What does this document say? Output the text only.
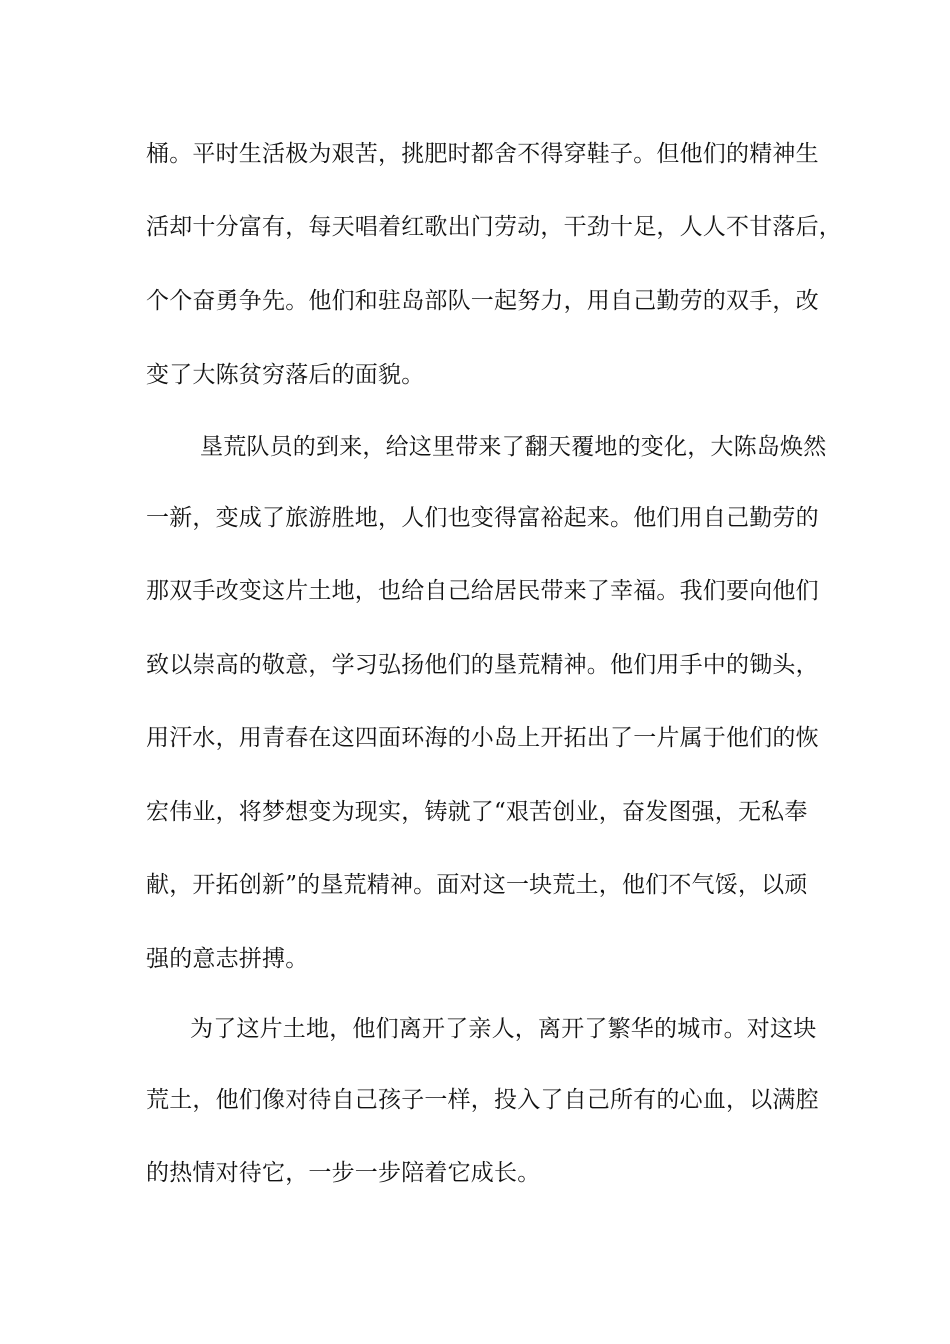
桶。平时生活极为艰苦，挑肥时都舍不得穿鞋子。但他们的精神生
活却十分富有，每天唱着红歌出门劳动，干劲十足，人人不甘落后，
个个奋勇争先。他们和驻岛部队一起努力，用自己勤劳的双手，改
变了大陈贫穷落后的面貌。
垦荒队员的到来，给这里带来了翻天覆地的变化，大陈岛焕然
一新，变成了旅游胜地，人们也变得富裕起来。他们用自己勤劳的
那双手改变这片土地，也给自己给居民带来了幸福。我们要向他们
致以崇高的敬意，学习弘扬他们的垦荒精神。他们用手中的锄头，
用汗水，用青春在这四面环海的小岛上开拓出了一片属于他们的恢
宏伟业，将梦想变为现实，铸就了“艰苦创业，奋发图强，无私奉
献，开拓创新”的垦荒精神。面对这一块荒土，他们不气馁，以顽
强的意志拼搏。
为了这片土地，他们离开了亲人，离开了繁华的城市。对这块
荒土，他们像对待自己孩子一样，投入了自己所有的心血，以满腔
的热情对待它，一步一步陪着它成长。
